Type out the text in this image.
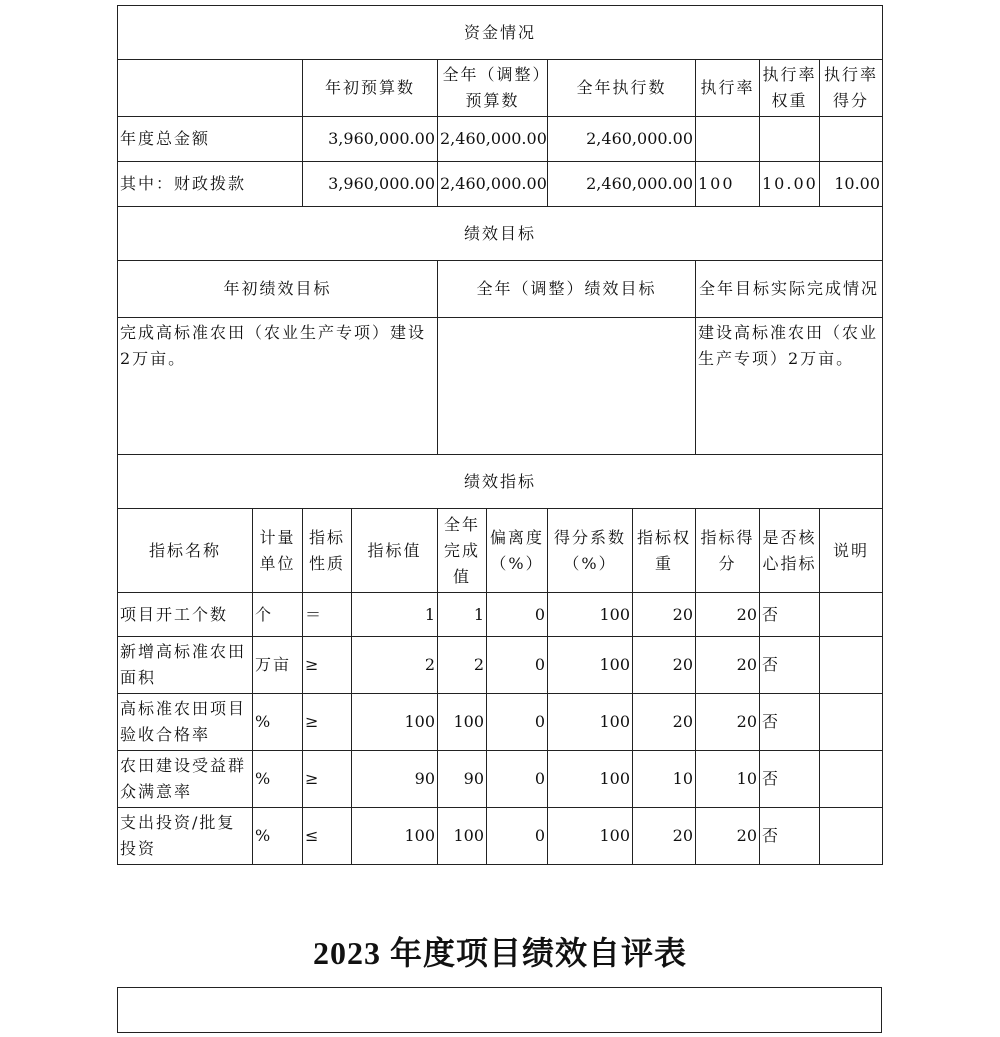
资金情况										
		年初预算数		全年（调整）预算数		全年执行数		执行率	执行率权重	执行率得分
年度总金额		3,960,000.00		2,460,000.00		2,460,000.00				
其中：财政拨款		3,960,000.00		2,460,000.00		2,460,000.00		100	10.00	10.00
绩效目标										
年初绩效目标				全年（调整）绩效目标				全年目标实际完成情况		
完成高标准农田（农业生产专项）建设2万亩。								建设高标准农田（农业生产专项）2万亩。		
绩效指标										
指标名称	计量单位	指标性质	指标值	全年完成值	偏离度（%）	得分系数（%）	指标权重	指标得分	是否核心指标	说明
项目开工个数	个	＝	1	1	0	100	20	20	否	
新增高标准农田面积	万亩	≥	2	2	0	100	20	20	否	
高标准农田项目验收合格率	%	≥	100	100	0	100	20	20	否	
农田建设受益群众满意率	%	≥	90	90	0	100	10	10	否	
支出投资/批复投资	%	≤	100	100	0	100	20	20	否	
2023 年度项目绩效自评表
